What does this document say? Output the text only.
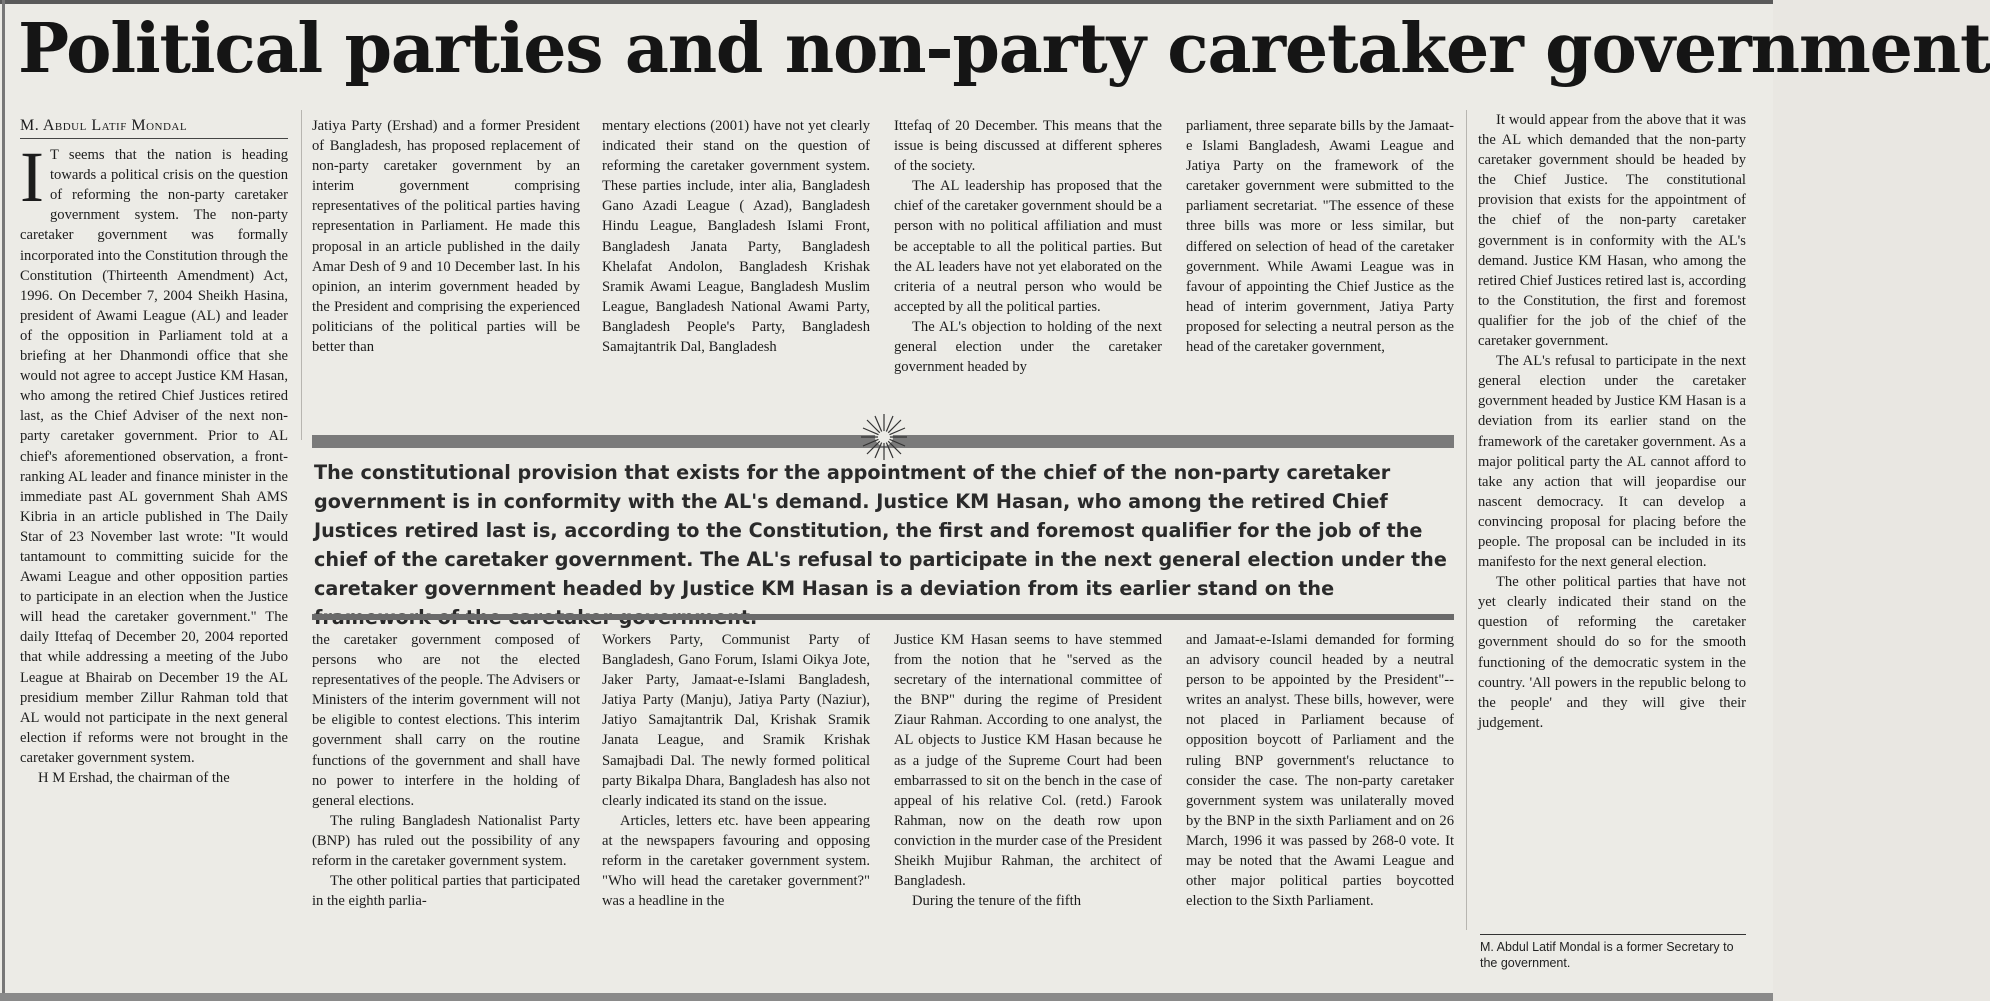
Political parties and non-party caretaker government
M. Abdul Latif Mondal

I T seems that the nation is heading towards a political crisis on the question of reforming the non-party caretaker government system. The non-party caretaker government was formally incorporated into the Constitution through the Constitution (Thirteenth Amendment) Act, 1996. On December 7, 2004 Sheikh Hasina, president of Awami League (AL) and leader of the opposition in Parliament told at a briefing at her Dhanmondi office that she would not agree to accept Justice KM Hasan, who among the retired Chief Justices retired last, as the Chief Adviser of the next non-party caretaker government. Prior to AL chief's aforementioned observation, a front-ranking AL leader and finance minister in the immediate past AL government Shah AMS Kibria in an article published in The Daily Star of 23 November last wrote: "It would tantamount to committing suicide for the Awami League and other opposition parties to participate in an election when the Justice will head the caretaker government." The daily Ittefaq of December 20, 2004 reported that while addressing a meeting of the Jubo League at Bhairab on December 19 the AL presidium member Zillur Rahman told that AL would not participate in the next general election if reforms were not brought in the caretaker government system.

H M Ershad, the chairman of the

Jatiya Party (Ershad) and a former President of Bangladesh, has proposed replacement of non-party caretaker government by an interim government comprising representatives of the political parties having representation in Parliament. He made this proposal in an article published in the daily Amar Desh of 9 and 10 December last. In his opinion, an interim government headed by the President and comprising the experienced politicians of the political parties will be better than

mentary elections (2001) have not yet clearly indicated their stand on the question of reforming the caretaker government system. These parties include, inter alia, Bangladesh Gano Azadi League ( Azad), Bangladesh Hindu League, Bangladesh Islami Front, Bangladesh Janata Party, Bangladesh Khelafat Andolon, Bangladesh Krishak Sramik Awami League, Bangladesh Muslim League, Bangladesh National Awami Party, Bangladesh People's Party, Bangladesh Samajtantrik Dal, Bangladesh

Ittefaq of 20 December. This means that the issue is being discussed at different spheres of the society.

The AL leadership has proposed that the chief of the caretaker government should be a person with no political affiliation and must be acceptable to all the political parties. But the AL leaders have not yet elaborated on the criteria of a neutral person who would be accepted by all the political parties.

The AL's objection to holding of the next general election under the caretaker government headed by

parliament, three separate bills by the Jamaat-e Islami Bangladesh, Awami League and Jatiya Party on the framework of the caretaker government were submitted to the parliament secretariat. "The essence of these three bills was more or less similar, but differed on selection of head of the caretaker government. While Awami League was in favour of appointing the Chief Justice as the head of interim government, Jatiya Party proposed for selecting a neutral person as the head of the caretaker government,

It would appear from the above that it was the AL which demanded that the non-party caretaker government should be headed by the Chief Justice. The constitutional provision that exists for the appointment of the chief of the non-party caretaker government is in conformity with the AL's demand. Justice KM Hasan, who among the retired Chief Justices retired last is, according to the Constitution, the first and foremost qualifier for the job of the chief of the caretaker government.

The AL's refusal to participate in the next general election under the caretaker government headed by Justice KM Hasan is a deviation from its earlier stand on the framework of the caretaker government. As a major political party the AL cannot afford to take any action that will jeopardise our nascent democracy. It can develop a convincing proposal for placing before the people. The proposal can be included in its manifesto for the next general election.

The other political parties that have not yet clearly indicated their stand on the question of reforming the caretaker government should do so for the smooth functioning of the democratic system in the country. 'All powers in the republic belong to the people' and they will give their judgement.

The constitutional provision that exists for the appointment of the chief of the non-party caretaker government is in conformity with the AL's demand. Justice KM Hasan, who among the retired Chief Justices retired last is, according to the Constitution, the first and foremost qualifier for the job of the chief of the caretaker government. The AL's refusal to participate in the next general election under the caretaker government headed by Justice KM Hasan is a deviation from its earlier stand on the

the caretaker government composed of persons who are not the elected representatives of the people. The Advisers or Ministers of the interim government will not be eligible to contest elections. This interim government shall carry on the routine functions of the government and shall have no power to interfere in the holding of general elections.

The ruling Bangladesh Nationalist Party (BNP) has ruled out the possibility of any reform in the caretaker government system.

The other political parties that participated in the eighth parlia-

Workers Party, Communist Party of Bangladesh, Gano Forum, Islami Oikya Jote, Jaker Party, Jamaat-e-Islami Bangladesh, Jatiya Party (Manju), Jatiya Party (Naziur), Jatiyo Samajtantrik Dal, Krishak Sramik Janata League, and Sramik Krishak Samajbadi Dal. The newly formed political party Bikalpa Dhara, Bangladesh has also not clearly indicated its stand on the issue.

Articles, letters etc. have been appearing at the newspapers favouring and opposing reform in the caretaker government system. "Who will head the caretaker government?" was a headline in the

Justice KM Hasan seems to have stemmed from the notion that he "served as the secretary of the international committee of the BNP" during the regime of President Ziaur Rahman. According to one analyst, the AL objects to Justice KM Hasan because he as a judge of the Supreme Court had been embarrassed to sit on the bench in the case of appeal of his relative Col. (retd.) Farook Rahman, now on the death row upon conviction in the murder case of the President Sheikh Mujibur Rahman, the architect of Bangladesh.

During the tenure of the fifth

and Jamaat-e-Islami demanded for forming an advisory council headed by a neutral person to be appointed by the President"-- writes an analyst. These bills, however, were not placed in Parliament because of opposition boycott of Parliament and the ruling BNP government's reluctance to consider the case. The non-party caretaker government system was unilaterally moved by the BNP in the sixth Parliament and on 26 March, 1996 it was passed by 268-0 vote. It may be noted that the Awami League and other major political parties boycotted election to the Sixth Parliament.

M. Abdul Latif Mondal is a former Secretary to the government.
